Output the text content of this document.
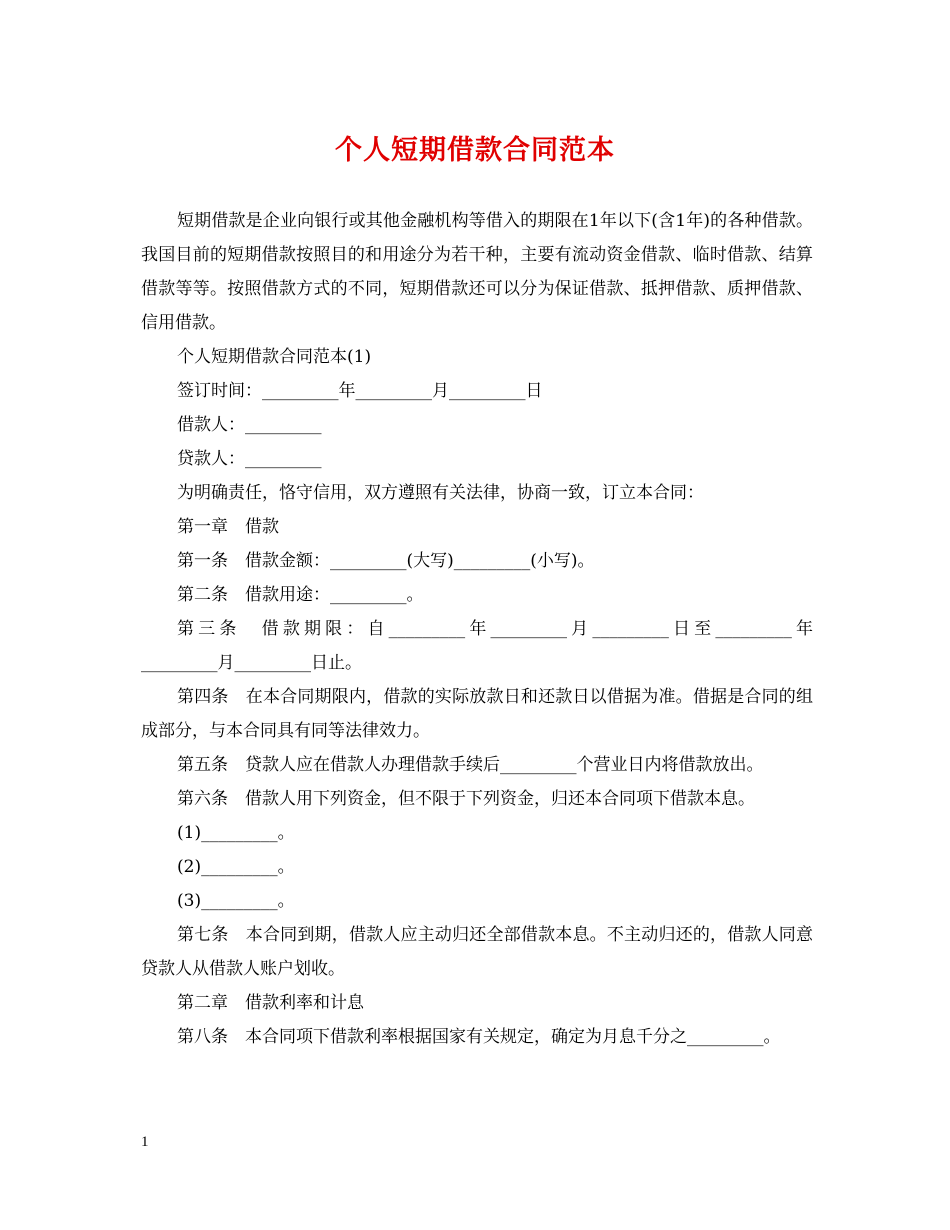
个人短期借款合同范本

短期借款是企业向银行或其他金融机构等借入的期限在1年以下(含1年)的各种借款。我国目前的短期借款按照目的和用途分为若干种，主要有流动资金借款、临时借款、结算借款等等。按照借款方式的不同，短期借款还可以分为保证借款、抵押借款、质押借款、信用借款。

个人短期借款合同范本(1)

签订时间：_________年_________月_________日

借款人：_________

贷款人：_________

为明确责任，恪守信用，双方遵照有关法律，协商一致，订立本合同：

第一章　借款

第一条　借款金额：_________(大写)_________(小写)。

第二条　借款用途：_________。

第三条　借款期限：自_________年_________月_________日至_________年_________月_________日止。

第四条　在本合同期限内，借款的实际放款日和还款日以借据为准。借据是合同的组成部分，与本合同具有同等法律效力。

第五条　贷款人应在借款人办理借款手续后_________个营业日内将借款放出。

第六条　借款人用下列资金，但不限于下列资金，归还本合同项下借款本息。

(1)_________。

(2)_________。

(3)_________。

第七条　本合同到期，借款人应主动归还全部借款本息。不主动归还的，借款人同意贷款人从借款人账户划收。

第二章　借款利率和计息

第八条　本合同项下借款利率根据国家有关规定，确定为月息千分之_________。

1
